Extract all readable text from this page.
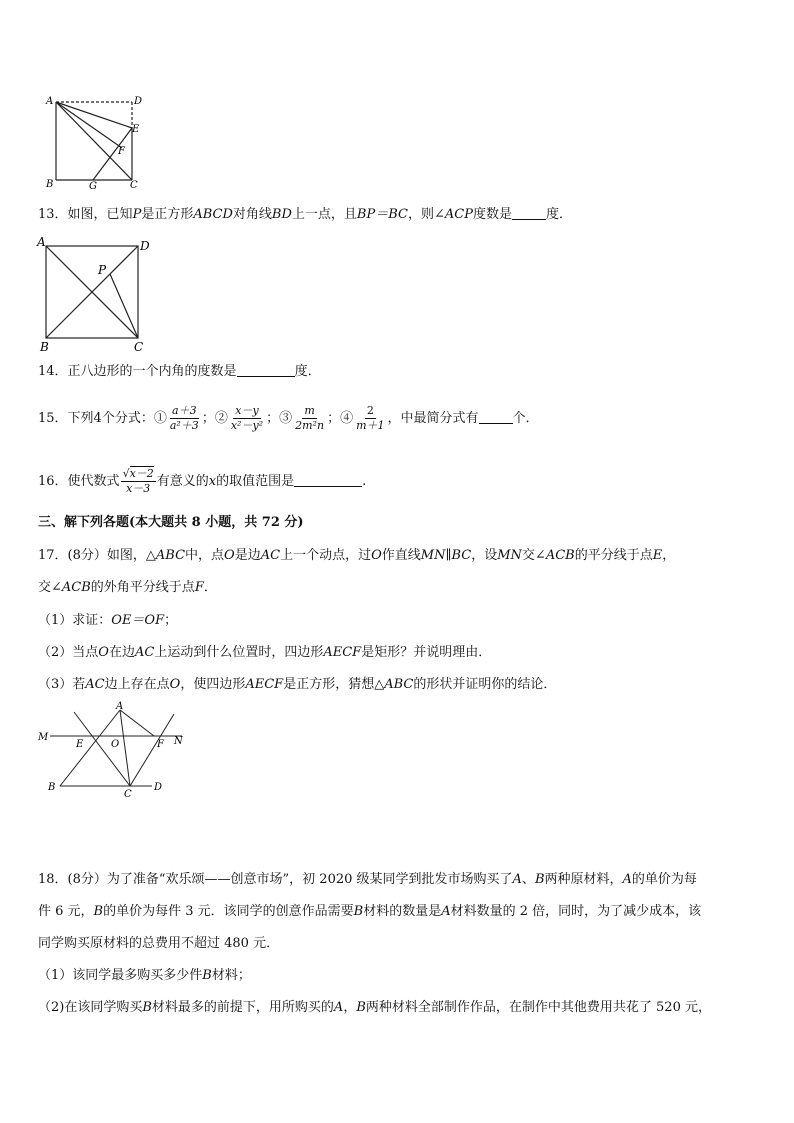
A	D
E
F
B	G	C
13．如图，已知P是正方形ABCD对角线BD上一点，且BP＝BC，则∠ACP度数是	度．
A	D
P
B	C
14．正八边形的一个内角的度数是	度．
15．下列4个分式：① $\frac{a+3}{\text{a²＋3}}$ ；② $\frac{x-y}{\text{x²－y²}}$ ；③ $\frac{m}{\text{2m²n}}$ ；④ $\frac{2}{m+1}$ ，中最简分式有	个．
16．使代数式 $\frac{√x-2}{x-3}$ 有意义的x的取值范围是	.
三、解下列各题(本大题共 8 小题，共 72 分)
17．(8分）如图，△ABC中，点O是边AC上一个动点，过O作直线MN∥BC，设MN交∠ACB的平分线于点E，
交∠ACB的外角平分线于点F．
（1）求证：OE＝OF；
（2）当点O在边AC上运动到什么位置时，四边形AECF是矩形？并说明理由．
（3）若AC边上存在点O，使四边形AECF是正方形，猜想△ABC的形状并证明你的结论．
M
A
N
E	O	F
B
C
D
18．(8分）为了准备“欢乐颂——创意市场”，初 2020 级某同学到批发市场购买了A、B两种原材料，A的单价为每
件 6 元，B的单价为每件 3 元．该同学的创意作品需要B材料的数量是A材料数量的 2 倍，同时，为了减少成本，该
同学购买原材料的总费用不超过 480 元．
（1）该同学最多购买多少件B材料；
（2)在该同学购买B材料最多的前提下，用所购买的A，B两种材料全部制作作品，在制作中其他费用共花了 520 元，
